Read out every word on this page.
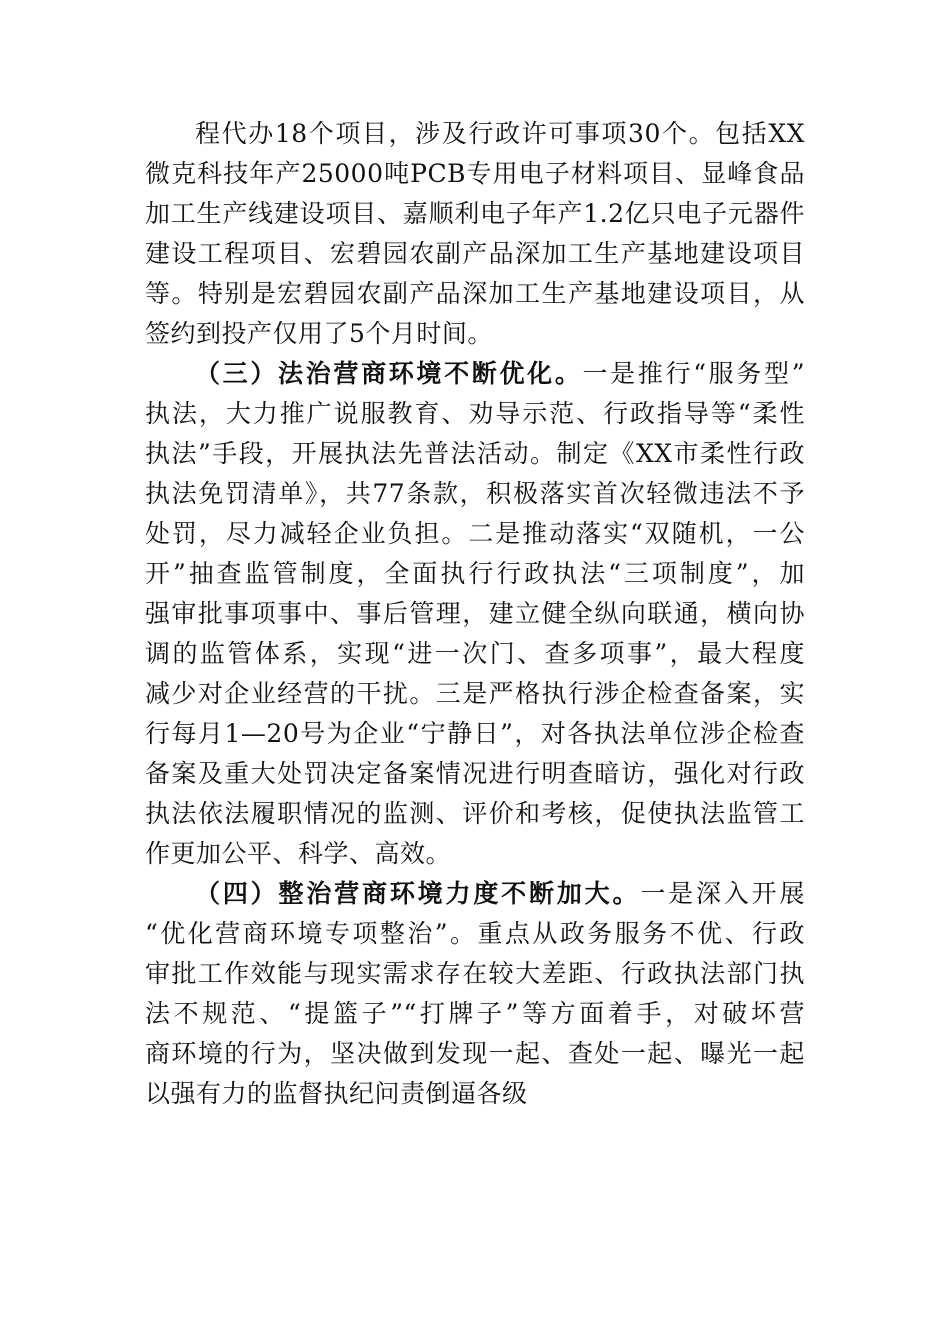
程代办18个项目，涉及行政许可事项30个。包括XX
微克科技年产25000吨PCB专用电子材料项目、显峰食品
加工生产线建设项目、嘉顺利电子年产1.2亿只电子元器件
建设工程项目、宏碧园农副产品深加工生产基地建设项目
等。特别是宏碧园农副产品深加工生产基地建设项目，从
签约到投产仅用了5个月时间。
（三）法治营商环境不断优化。一是推行“服务型”
执法，大力推广说服教育、劝导示范、行政指导等“柔性
执法”手段，开展执法先普法活动。制定《XX市柔性行政
执法免罚清单》，共77条款，积极落实首次轻微违法不予
处罚，尽力减轻企业负担。二是推动落实“双随机，一公
开”抽查监管制度，全面执行行政执法“三项制度”，加
强审批事项事中、事后管理，建立健全纵向联通，横向协
调的监管体系，实现“进一次门、查多项事”，最大程度
减少对企业经营的干扰。三是严格执行涉企检查备案，实
行每月1—20号为企业“宁静日”，对各执法单位涉企检查
备案及重大处罚决定备案情况进行明查暗访，强化对行政
执法依法履职情况的监测、评价和考核，促使执法监管工
作更加公平、科学、高效。
（四）整治营商环境力度不断加大。一是深入开展
“优化营商环境专项整治”。重点从政务服务不优、行政
审批工作效能与现实需求存在较大差距、行政执法部门执
法不规范、“提篮子”“打牌子”等方面着手，对破坏营
商环境的行为，坚决做到发现一起、查处一起、曝光一起
以强有力的监督执纪问责倒逼各级
